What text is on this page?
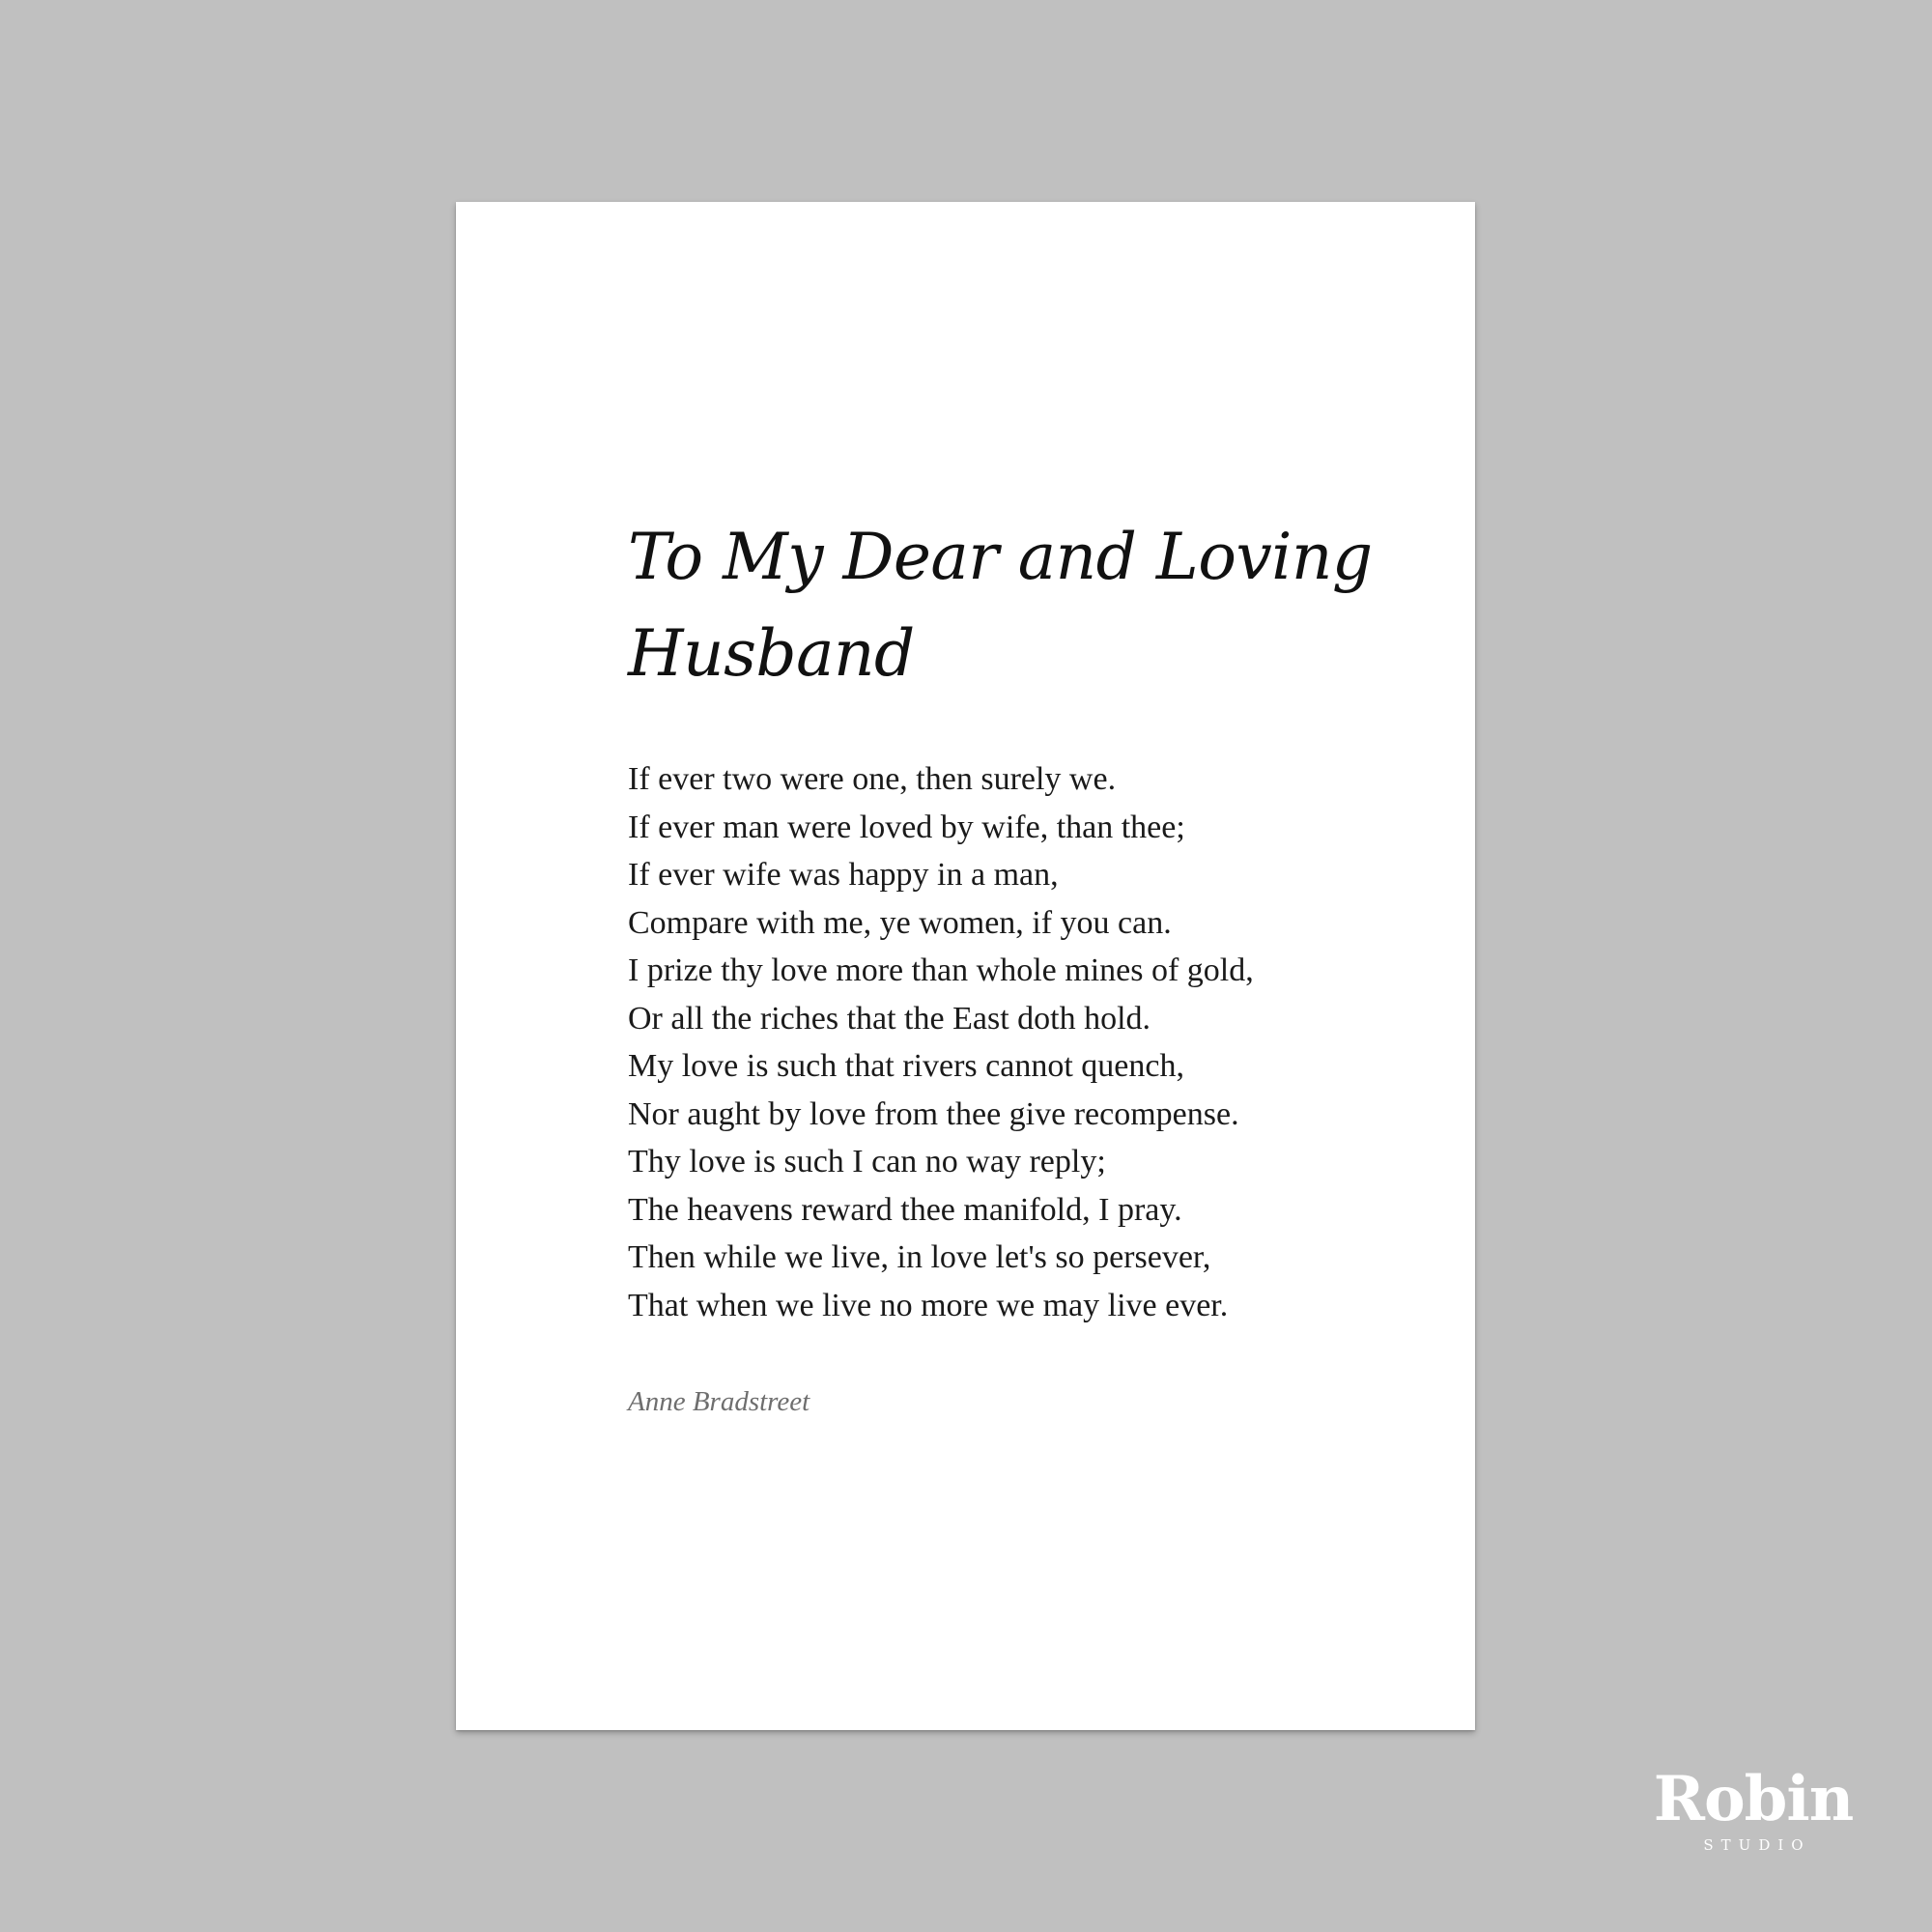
To My Dear and Loving Husband
If ever two were one, then surely we.
If ever man were loved by wife, than thee;
If ever wife was happy in a man,
Compare with me, ye women, if you can.
I prize thy love more than whole mines of gold,
Or all the riches that the East doth hold.
My love is such that rivers cannot quench,
Nor aught by love from thee give recompense.
Thy love is such I can no way reply;
The heavens reward thee manifold, I pray.
Then while we live, in love let's so persever,
That when we live no more we may live ever.

Anne Bradstreet

Robin
STUDIO
